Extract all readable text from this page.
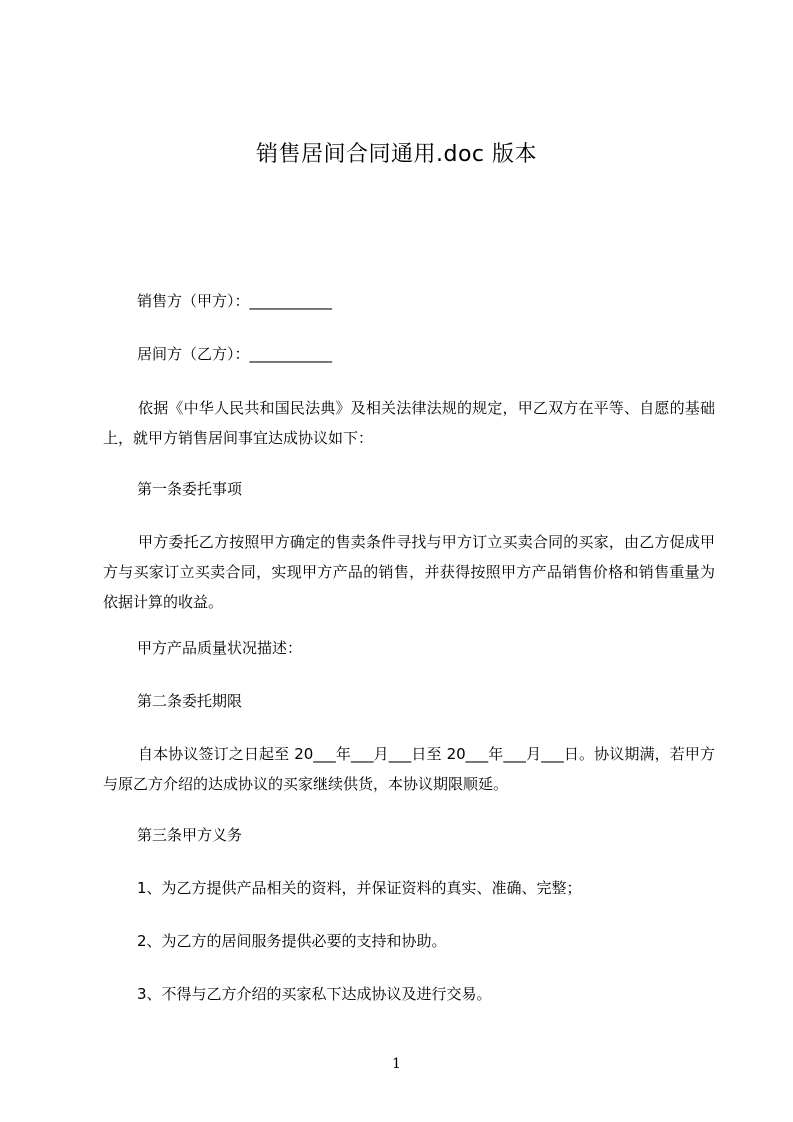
销售居间合同通用.doc 版本
销售方（甲方）：___________
居间方（乙方）：___________
依据《中华人民共和国民法典》及相关法律法规的规定，甲乙双方在平等、自愿的基础上，就甲方销售居间事宜达成协议如下：
第一条委托事项
甲方委托乙方按照甲方确定的售卖条件寻找与甲方订立买卖合同的买家，由乙方促成甲方与买家订立买卖合同，实现甲方产品的销售，并获得按照甲方产品销售价格和销售重量为依据计算的收益。
甲方产品质量状况描述：
第二条委托期限
自本协议签订之日起至 20___年___月___日至 20___年___月___日。协议期满，若甲方与原乙方介绍的达成协议的买家继续供货，本协议期限顺延。
第三条甲方义务
1、为乙方提供产品相关的资料，并保证资料的真实、准确、完整；
2、为乙方的居间服务提供必要的支持和协助。
3、不得与乙方介绍的买家私下达成协议及进行交易。
1
